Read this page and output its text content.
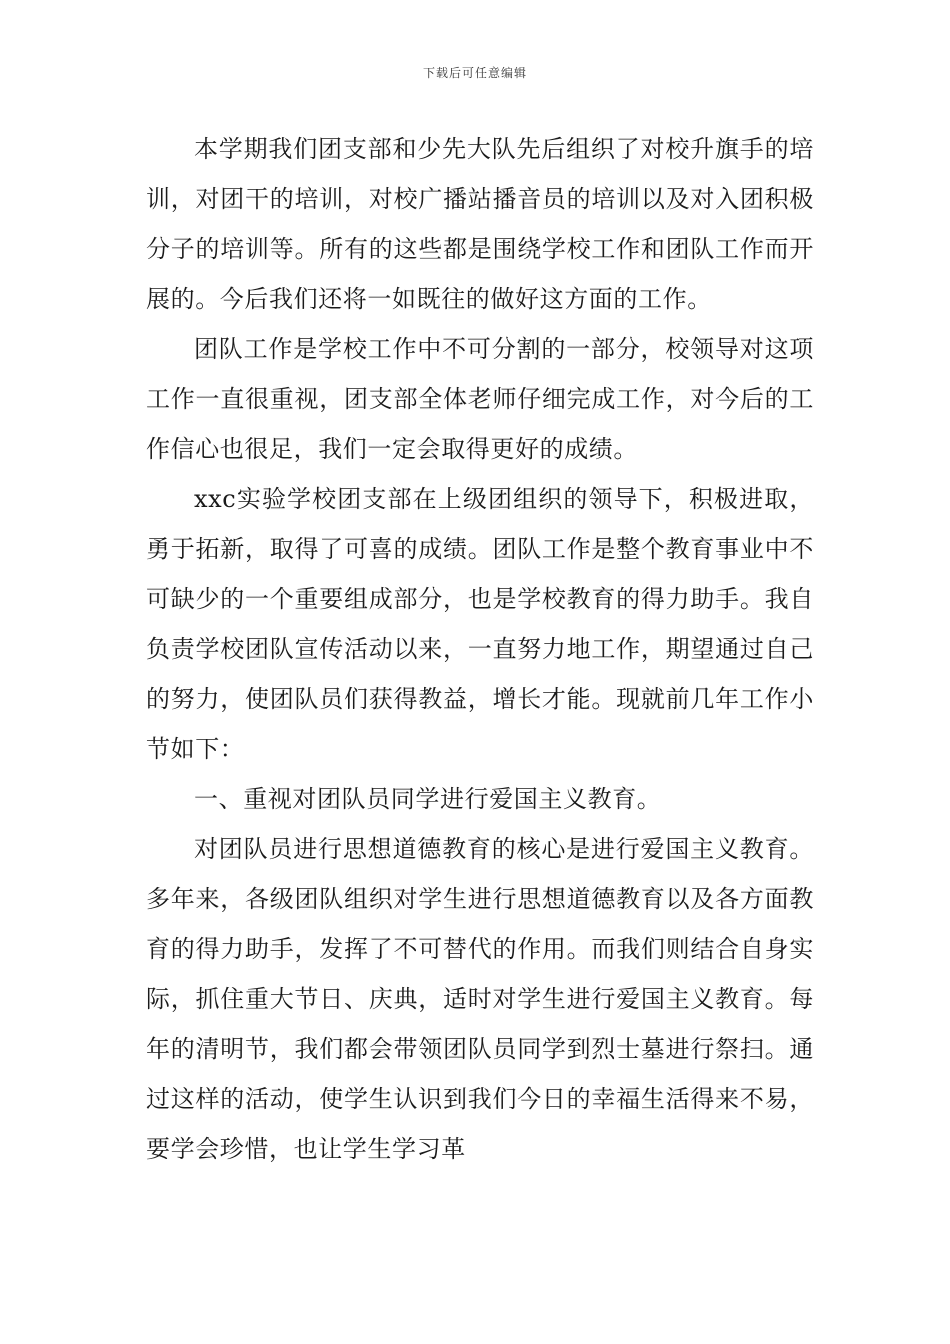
下载后可任意编辑

本学期我们团支部和少先大队先后组织了对校升旗手的培训，对团干的培训，对校广播站播音员的培训以及对入团积极分子的培训等。所有的这些都是围绕学校工作和团队工作而开展的。今后我们还将一如既往的做好这方面的工作。

团队工作是学校工作中不可分割的一部分，校领导对这项工作一直很重视，团支部全体老师仔细完成工作，对今后的工作信心也很足，我们一定会取得更好的成绩。

xxc实验学校团支部在上级团组织的领导下，积极进取，勇于拓新，取得了可喜的成绩。团队工作是整个教育事业中不可缺少的一个重要组成部分，也是学校教育的得力助手。我自负责学校团队宣传活动以来，一直努力地工作，期望通过自己的努力，使团队员们获得教益，增长才能。现就前几年工作小节如下：

一、重视对团队员同学进行爱国主义教育。

对团队员进行思想道德教育的核心是进行爱国主义教育。多年来，各级团队组织对学生进行思想道德教育以及各方面教育的得力助手，发挥了不可替代的作用。而我们则结合自身实际，抓住重大节日、庆典，适时对学生进行爱国主义教育。每年的清明节，我们都会带领团队员同学到烈士墓进行祭扫。通过这样的活动，使学生认识到我们今日的幸福生活得来不易，要学会珍惜，也让学生学习革
